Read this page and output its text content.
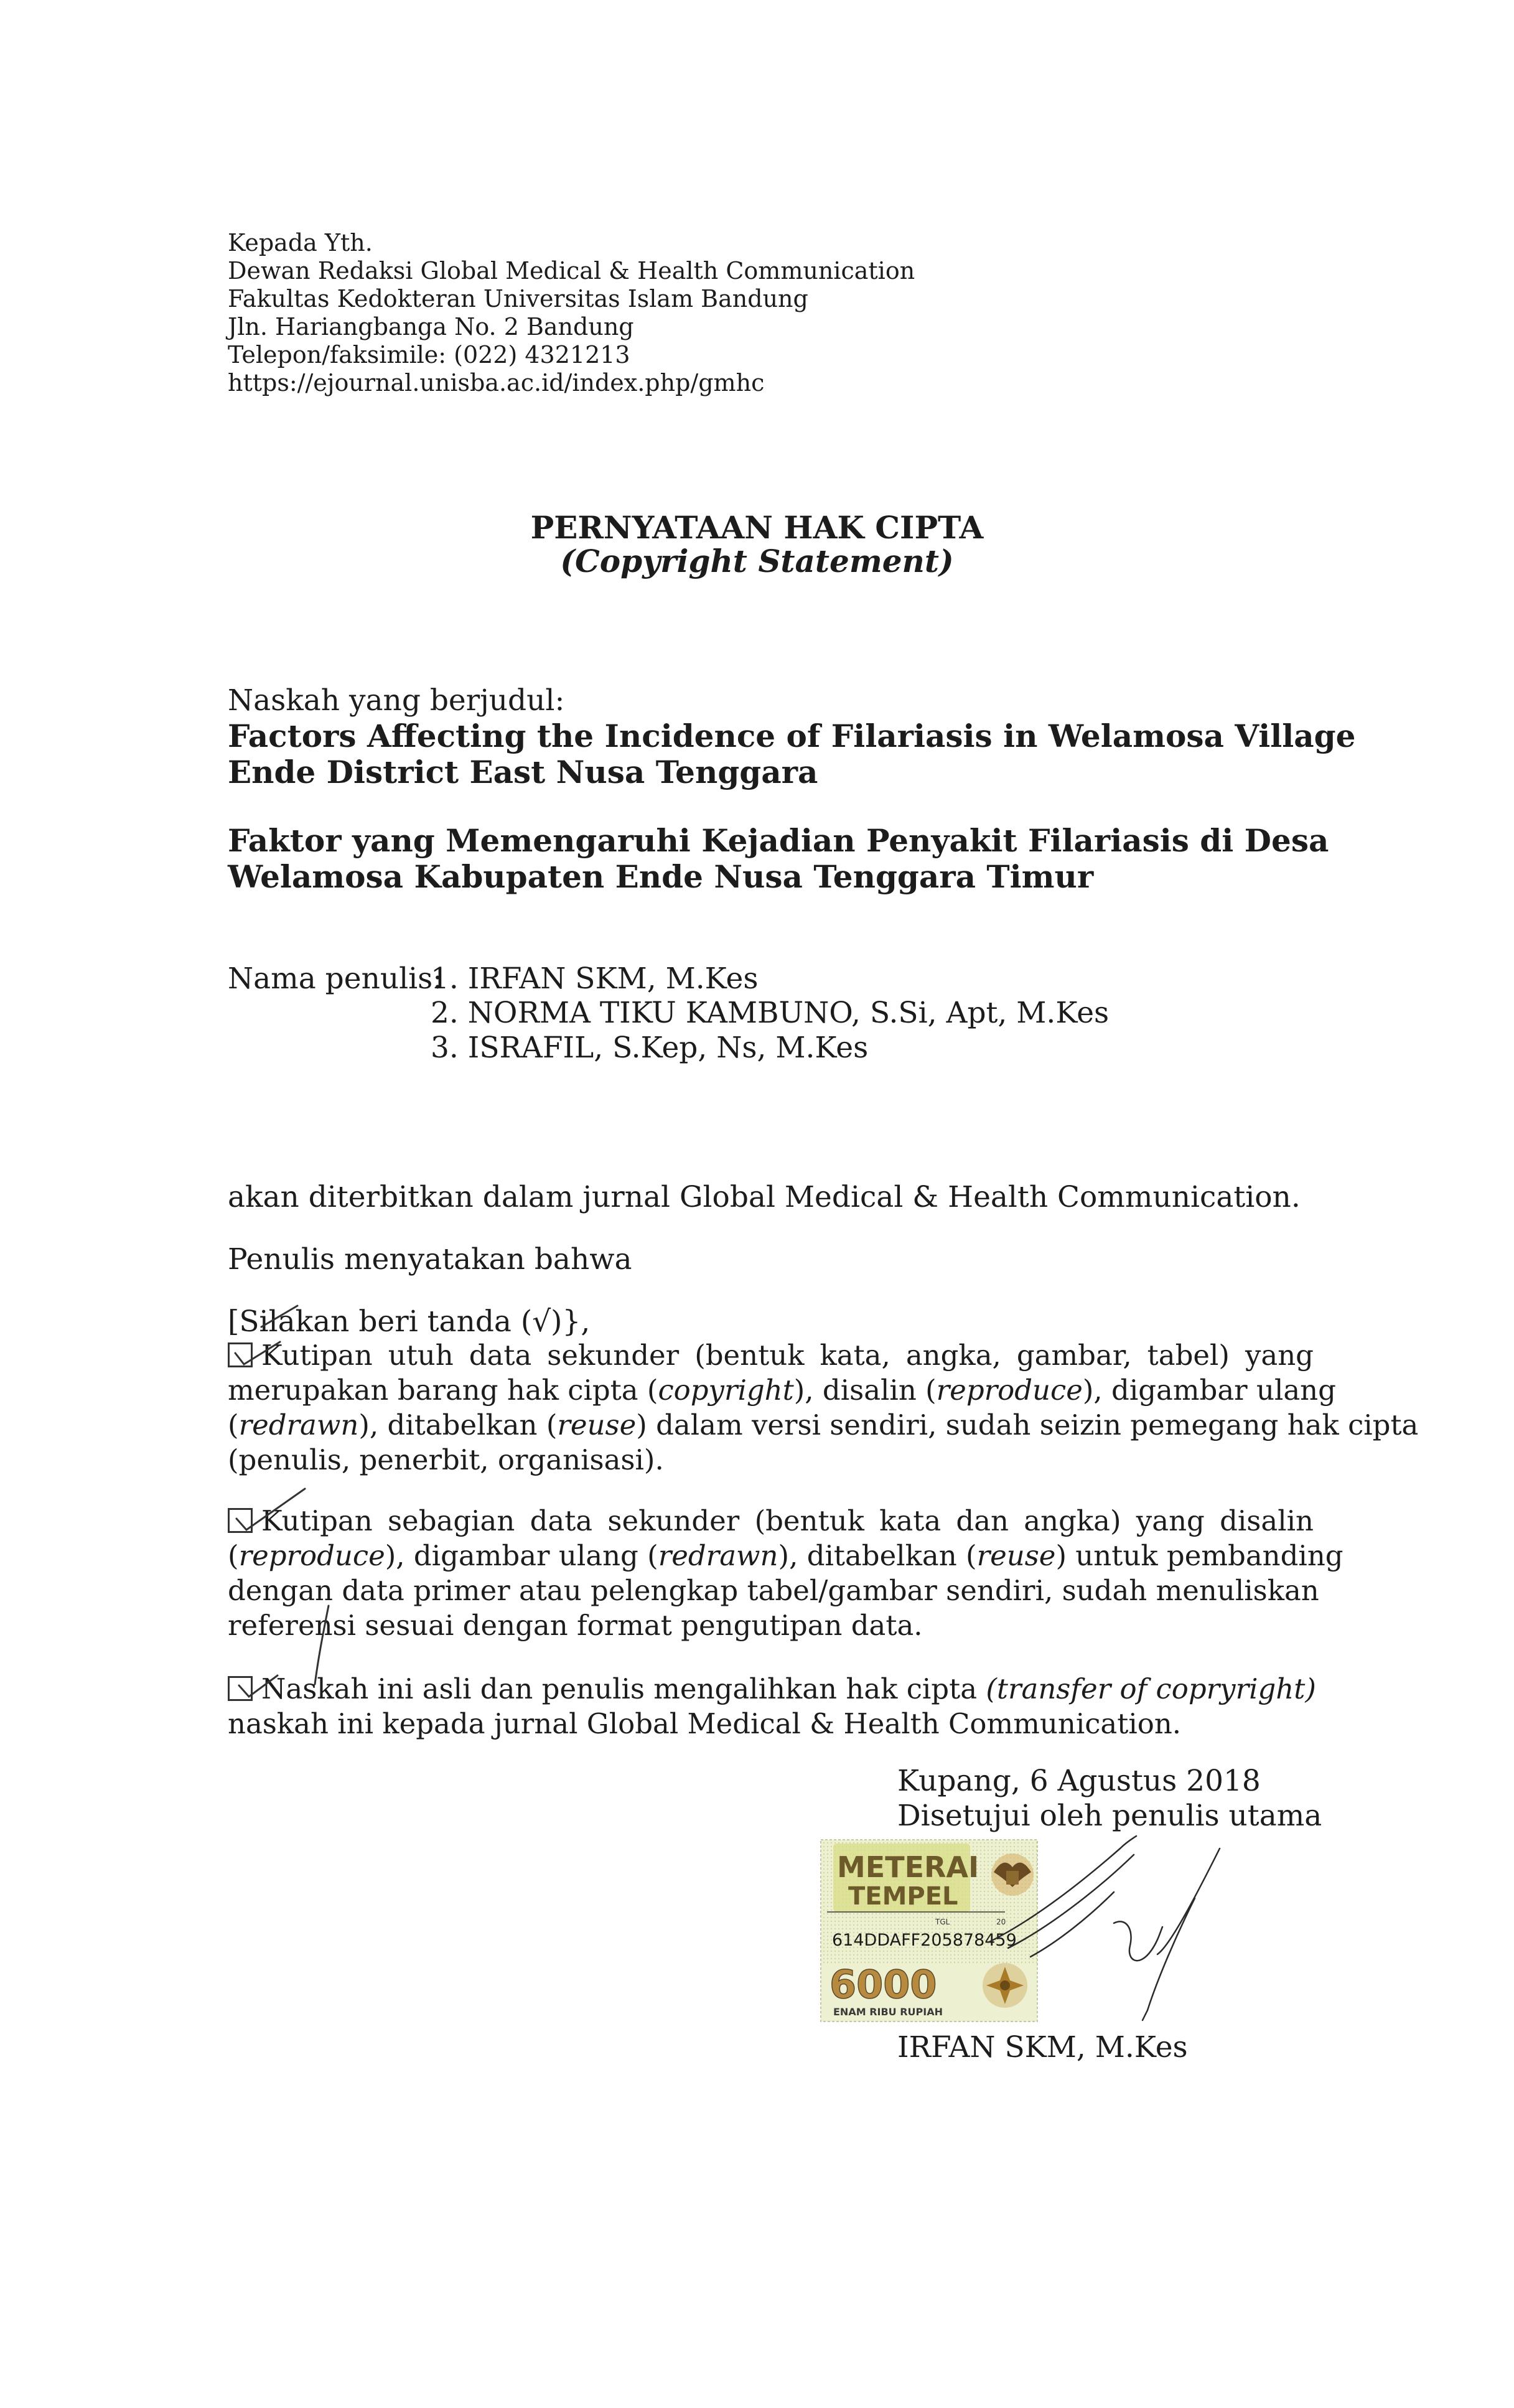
Kepada Yth.
Dewan Redaksi Global Medical & Health Communication
Fakultas Kedokteran Universitas Islam Bandung
Jln. Hariangbanga No. 2 Bandung
Telepon/faksimile: (022) 4321213
https://ejournal.unisba.ac.id/index.php/gmhc
PERNYATAAN HAK CIPTA
(Copyright Statement)
Naskah yang berjudul:
Factors Affecting the Incidence of Filariasis in Welamosa Village
Ende District East Nusa Tenggara
Faktor yang Memengaruhi Kejadian Penyakit Filariasis di Desa
Welamosa Kabupaten Ende Nusa Tenggara Timur
Nama penulis:
1. IRFAN SKM, M.Kes
2. NORMA TIKU KAMBUNO, S.Si, Apt, M.Kes
3. ISRAFIL, S.Kep, Ns, M.Kes
akan diterbitkan dalam jurnal Global Medical & Health Communication.
Penulis menyatakan bahwa
[Silakan beri tanda (√)},
Kutipan utuh data sekunder (bentuk kata, angka, gambar, tabel) yang
merupakan barang hak cipta (copyright), disalin (reproduce), digambar ulang
(redrawn), ditabelkan (reuse) dalam versi sendiri, sudah seizin pemegang hak cipta
(penulis, penerbit, organisasi).
Kutipan sebagian data sekunder (bentuk kata dan angka) yang disalin
(reproduce), digambar ulang (redrawn), ditabelkan (reuse) untuk pembanding
dengan data primer atau pelengkap tabel/gambar sendiri, sudah menuliskan
referensi sesuai dengan format pengutipan data.
Naskah ini asli dan penulis mengalihkan hak cipta (transfer of copryright)
naskah ini kepada jurnal Global Medical & Health Communication.
Kupang, 6 Agustus 2018
Disetujui oleh penulis utama
IRFAN SKM, M.Kes
METERAI
TEMPEL
TGL	20
614DDAFF205878459
6000
ENAM RIBU RUPIAH
